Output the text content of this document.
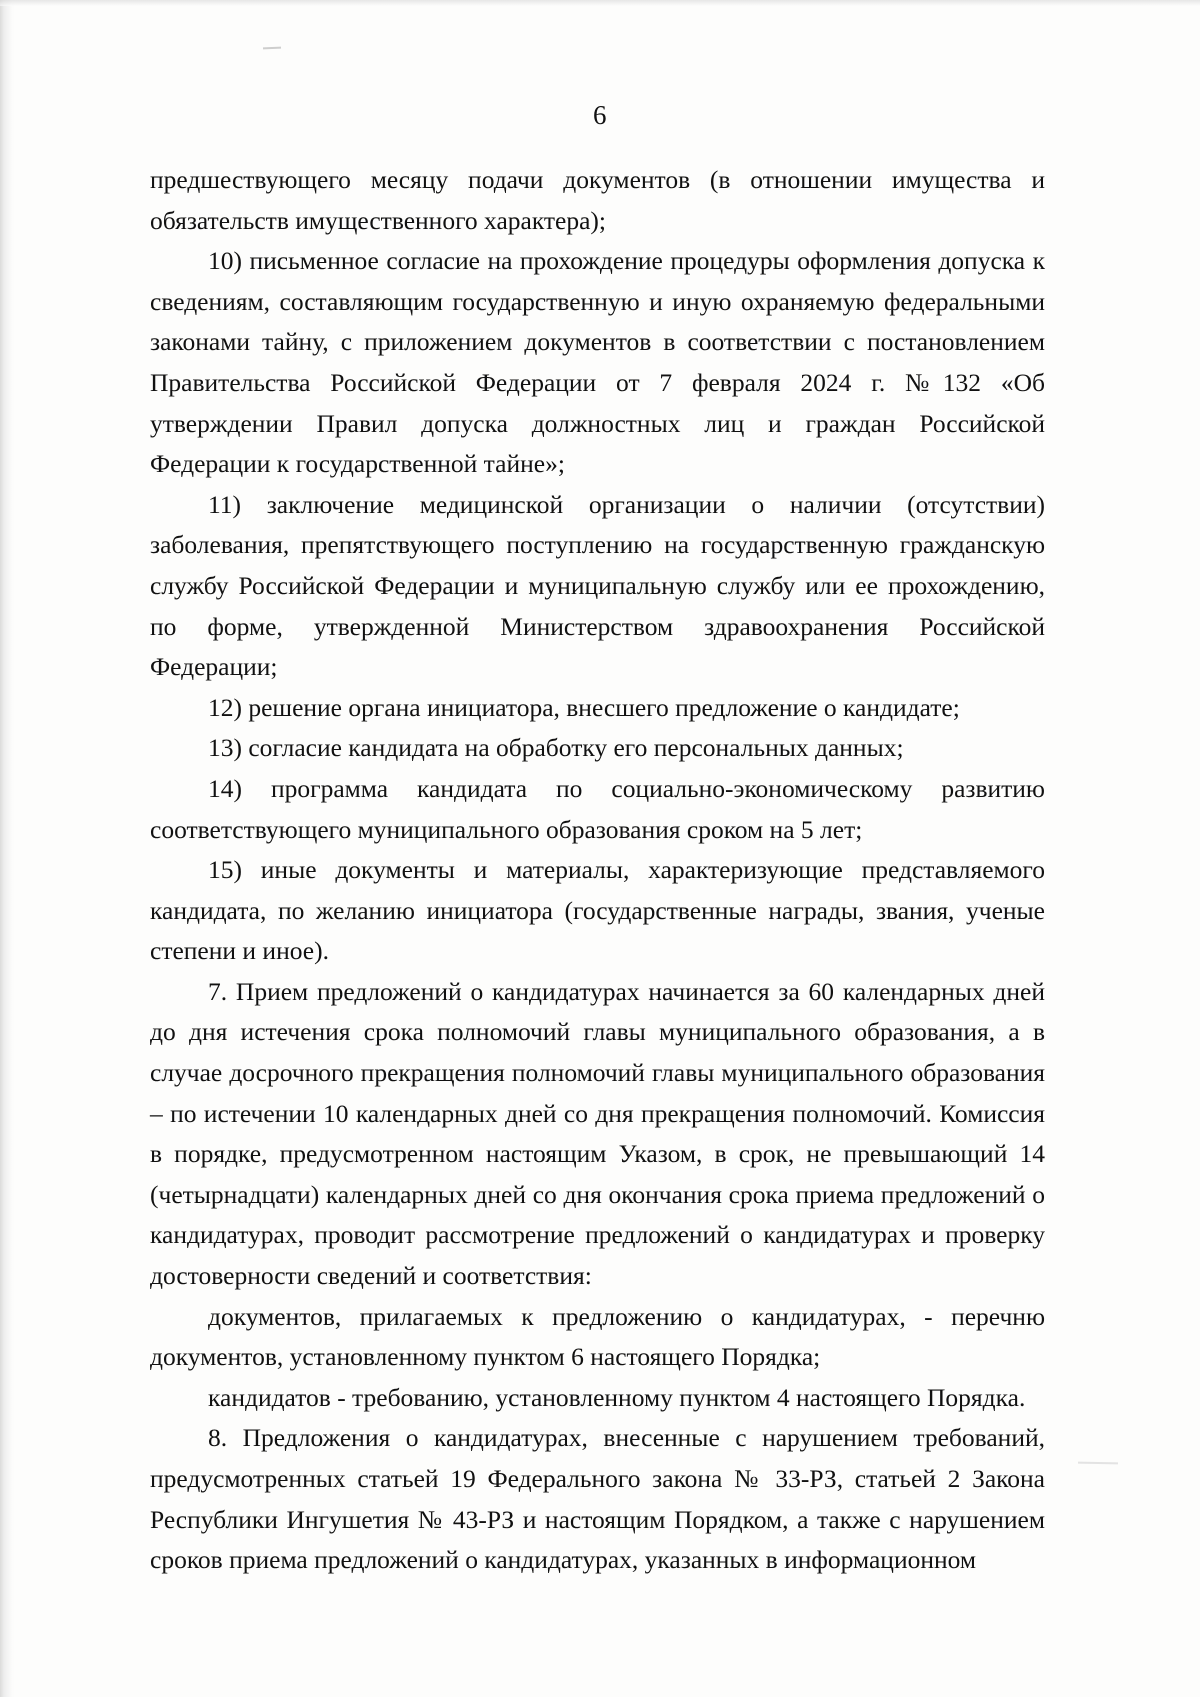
6

предшествующего месяцу подачи документов (в отношении имущества и обязательств имущественного характера);

10) письменное согласие на прохождение процедуры оформления допуска к сведениям, составляющим государственную и иную охраняемую федеральными законами тайну, с приложением документов в соответствии с постановлением Правительства Российской Федерации от 7 февраля 2024 г. №132 «Об утверждении Правил допуска должностных лиц и граждан Российской Федерации к государственной тайне»;

11) заключение медицинской организации о наличии (отсутствии) заболевания, препятствующего поступлению на государственную гражданскую службу Российской Федерации и муниципальную службу или ее прохождению, по форме, утвержденной Министерством здравоохранения Российской Федерации;

12) решение органа инициатора, внесшего предложение о кандидате;

13) согласие кандидата на обработку его персональных данных;

14) программа кандидата по социально-экономическому развитию соответствующего муниципального образования сроком на 5 лет;

15) иные документы и материалы, характеризующие представляемого кандидата, по желанию инициатора (государственные награды, звания, ученые степени и иное).

7. Прием предложений о кандидатурах начинается за 60 календарных дней до дня истечения срока полномочий главы муниципального образования, а в случае досрочного прекращения полномочий главы муниципального образования – по истечении 10 календарных дней со дня прекращения полномочий. Комиссия в порядке, предусмотренном настоящим Указом, в срок, не превышающий 14 (четырнадцати) календарных дней со дня окончания срока приема предложений о кандидатурах, проводит рассмотрение предложений о кандидатурах и проверку достоверности сведений и соответствия:

документов, прилагаемых к предложению о кандидатурах, - перечню документов, установленному пунктом 6 настоящего Порядка;

кандидатов - требованию, установленному пунктом 4 настоящего Порядка.

8. Предложения о кандидатурах, внесенные с нарушением требований, предусмотренных статьей 19 Федерального закона № 33-РЗ, статьей 2 Закона Республики Ингушетия № 43-РЗ и настоящим Порядком, а также с нарушением сроков приема предложений о кандидатурах, указанных в информационном
